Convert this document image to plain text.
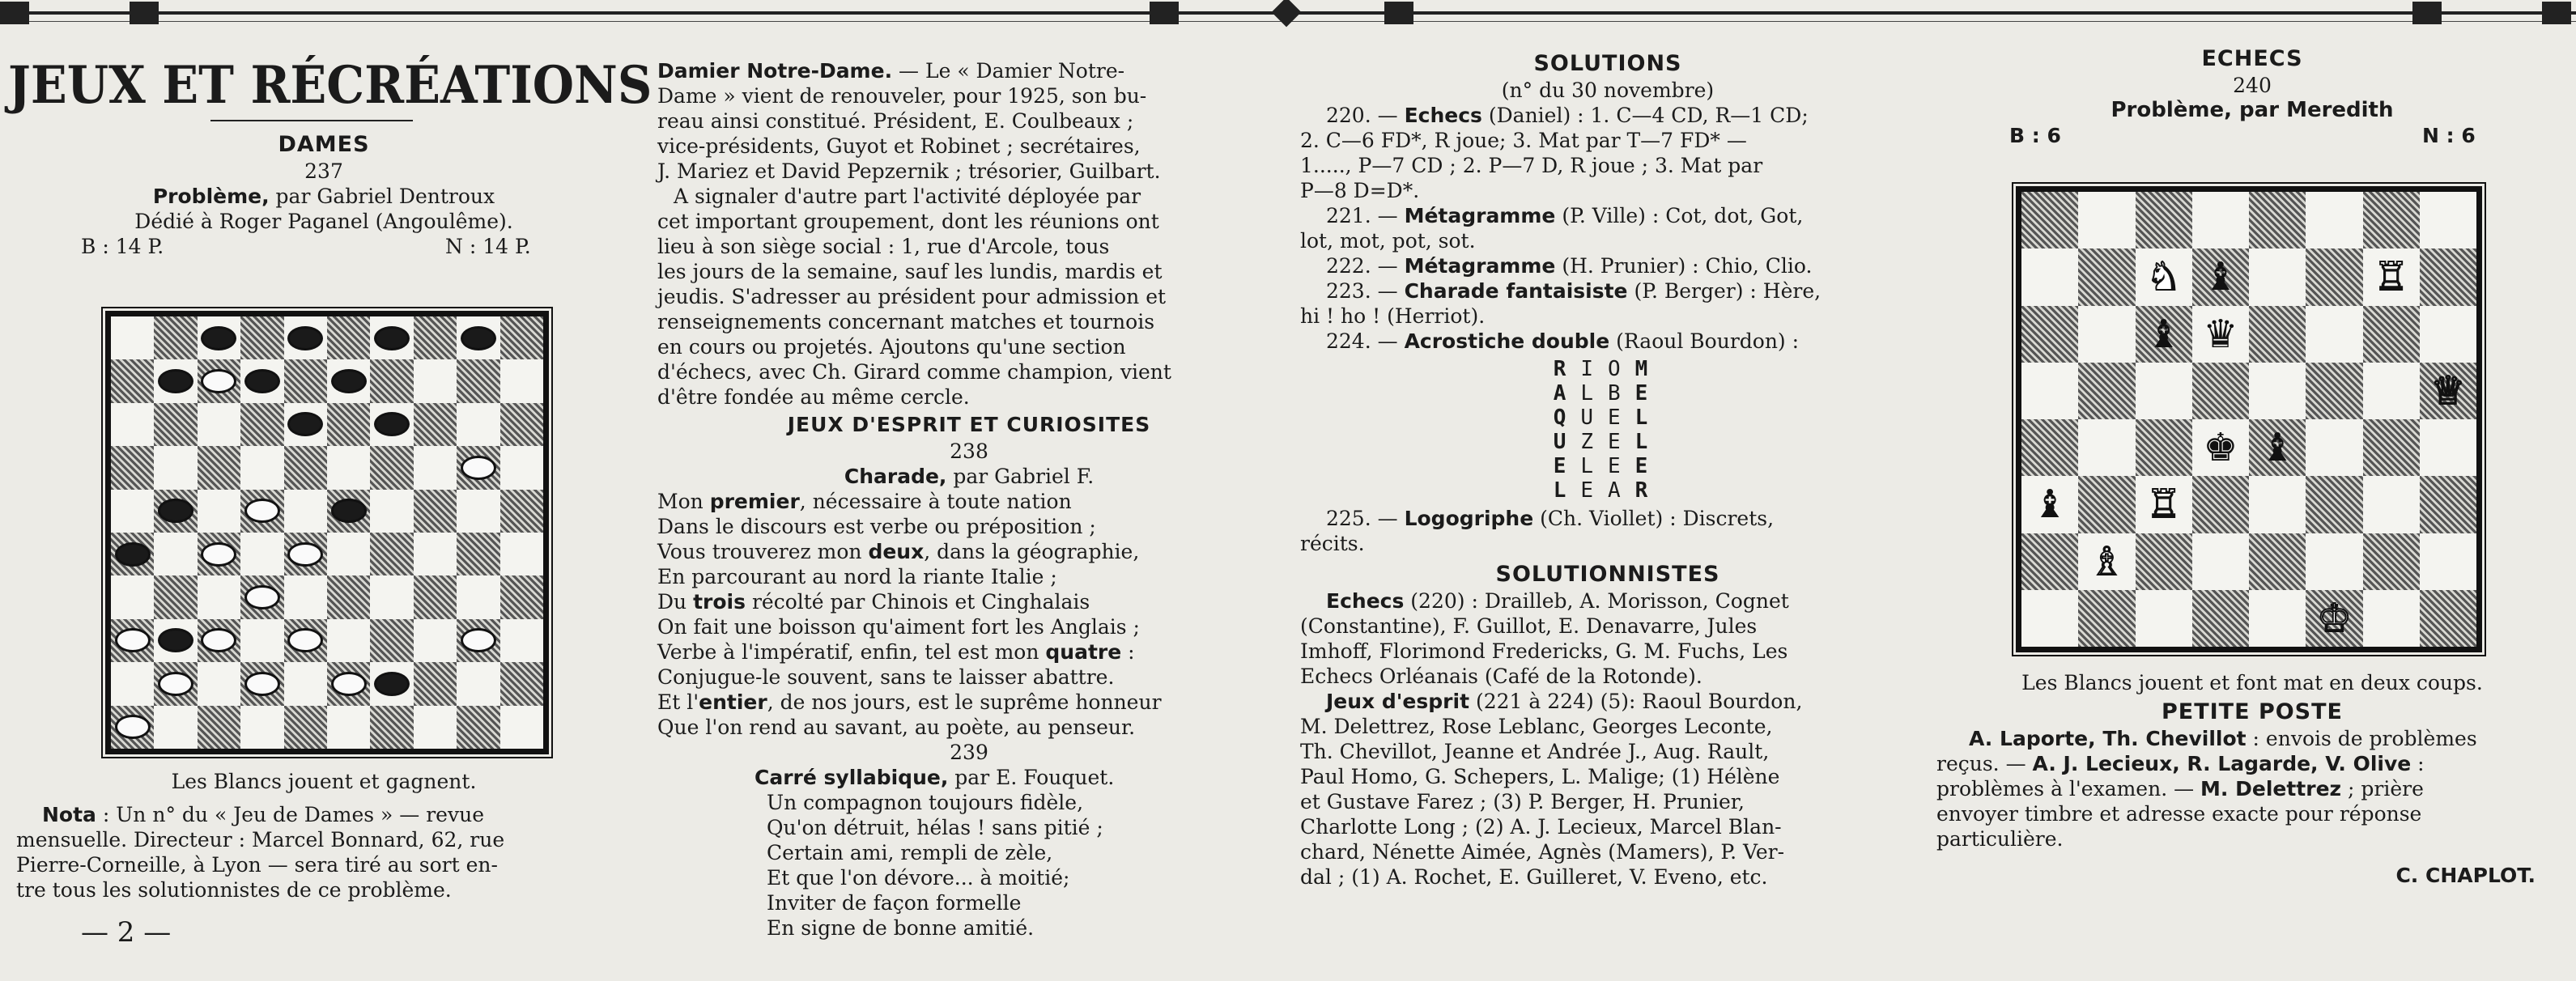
JEUX ET RÉCRÉATIONS
DAMES
237
Problème, par Gabriel Dentroux
Dédié à Roger Paganel (Angoulême).
B : 14 P.	N : 14 P.
Les Blancs jouent et gagnent.
Nota : Un n° du « Jeu de Dames » — revue
mensuelle. Directeur : Marcel Bonnard, 62, rue
Pierre-Corneille, à Lyon — sera tiré au sort en-
tre tous les solutionnistes de ce problème.
— 2 —
Damier Notre-Dame. — Le « Damier Notre-
Dame » vient de renouveler, pour 1925, son bu-
reau ainsi constitué. Président, E. Coulbeaux ;
vice-présidents, Guyot et Robinet ; secrétaires,
J. Mariez et David Pepzernik ; trésorier, Guilbart.
A signaler d'autre part l'activité déployée par
cet important groupement, dont les réunions ont
lieu à son siège social : 1, rue d'Arcole, tous
les jours de la semaine, sauf les lundis, mardis et
jeudis. S'adresser au président pour admission et
renseignements concernant matches et tournois
en cours ou projetés. Ajoutons qu'une section
d'échecs, avec Ch. Girard comme champion, vient
d'être fondée au même cercle.
JEUX D'ESPRIT ET CURIOSITES
238
Charade, par Gabriel F.
Mon premier, nécessaire à toute nation
Dans le discours est verbe ou préposition ;
Vous trouverez mon deux, dans la géographie,
En parcourant au nord la riante Italie ;
Du trois récolté par Chinois et Cinghalais
On fait une boisson qu'aiment fort les Anglais ;
Verbe à l'impératif, enfin, tel est mon quatre :
Conjugue-le souvent, sans te laisser abattre.
Et l'entier, de nos jours, est le suprême honneur
Que l'on rend au savant, au poète, au penseur.
239
Carré syllabique, par E. Fouquet.
Un compagnon toujours fidèle,
Qu'on détruit, hélas ! sans pitié ;
Certain ami, rempli de zèle,
Et que l'on dévore... à moitié;
Inviter de façon formelle
En signe de bonne amitié.
SOLUTIONS
(n° du 30 novembre)
220. — Echecs (Daniel) : 1. C—4 CD, R—1 CD;
2. C—6 FD*, R joue; 3. Mat par T—7 FD* —
1....., P—7 CD ; 2. P—7 D, R joue ; 3. Mat par
P—8 D=D*.
221. — Métagramme (P. Ville) : Cot, dot, Got,
lot, mot, pot, sot.
222. — Métagramme (H. Prunier) : Chio, Clio.
223. — Charade fantaisiste (P. Berger) : Hère,
hi ! ho ! (Herriot).
224. — Acrostiche double (Raoul Bourdon) :
RIOM
ALBE
QUEL
UZEL
ELEE
LEAR
225. — Logogriphe (Ch. Viollet) : Discrets,
récits.
SOLUTIONNISTES
Echecs (220) : Drailleb, A. Morisson, Cognet
(Constantine), F. Guillot, E. Denavarre, Jules
Imhoff, Florimond Fredericks, G. M. Fuchs, Les
Echecs Orléanais (Café de la Rotonde).
Jeux d'esprit (221 à 224) (5): Raoul Bourdon,
M. Delettrez, Rose Leblanc, Georges Leconte,
Th. Chevillot, Jeanne et Andrée J., Aug. Rault,
Paul Homo, G. Schepers, L. Malige; (1) Hélène
et Gustave Farez ; (3) P. Berger, H. Prunier,
Charlotte Long ; (2) A. J. Lecieux, Marcel Blan-
chard, Nénette Aimée, Agnès (Mamers), P. Ver-
dal ; (1) A. Rochet, E. Guilleret, V. Eveno, etc.
ECHECS
240
Problème, par Meredith
B : 6	N : 6
♞ ♝	♖
♝ ♛
♕
♚ ♝
♝ ♖
♗
♔
Les Blancs jouent et font mat en deux coups.
PETITE POSTE
A. Laporte, Th. Chevillot : envois de problèmes
reçus. — A. J. Lecieux, R. Lagarde, V. Olive :
problèmes à l'examen. — M. Delettrez ; prière
envoyer timbre et adresse exacte pour réponse
particulière.
C. CHAPLOT.
